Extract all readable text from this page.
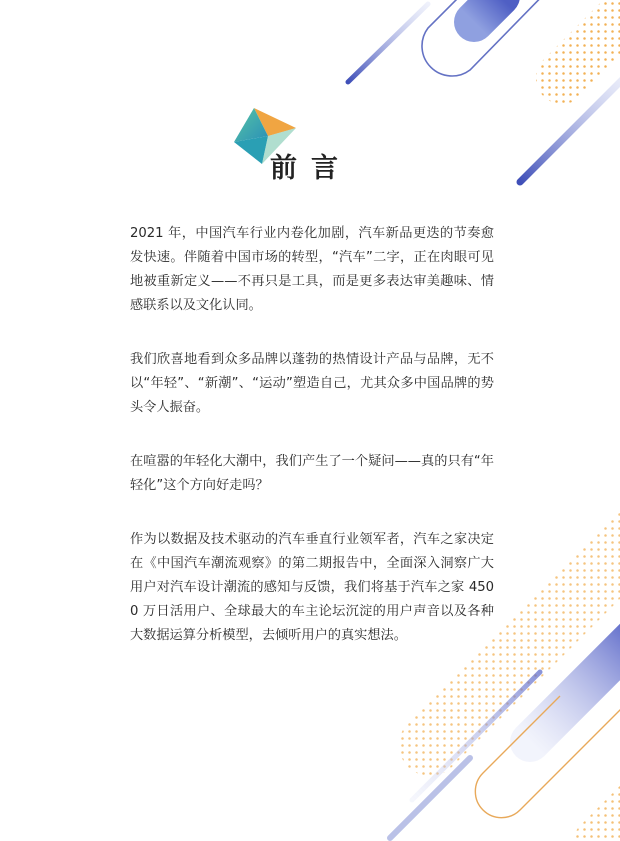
前言

2021 年，中国汽车行业内卷化加剧，汽车新品更迭的节奏愈发快速。伴随着中国市场的转型，“汽车”二字，正在肉眼可见地被重新定义——不再只是工具，而是更多表达审美趣味、情感联系以及文化认同。

我们欣喜地看到众多品牌以蓬勃的热情设计产品与品牌，无不以“年轻”、“新潮”、“运动”塑造自己，尤其众多中国品牌的势头令人振奋。

在喧嚣的年轻化大潮中，我们产生了一个疑问——真的只有“年轻化”这个方向好走吗？

作为以数据及技术驱动的汽车垂直行业领军者，汽车之家决定在《中国汽车潮流观察》的第二期报告中，全面深入洞察广大用户对汽车设计潮流的感知与反馈，我们将基于汽车之家 4500 万日活用户、全球最大的车主论坛沉淀的用户声音以及各种大数据运算分析模型，去倾听用户的真实想法。
